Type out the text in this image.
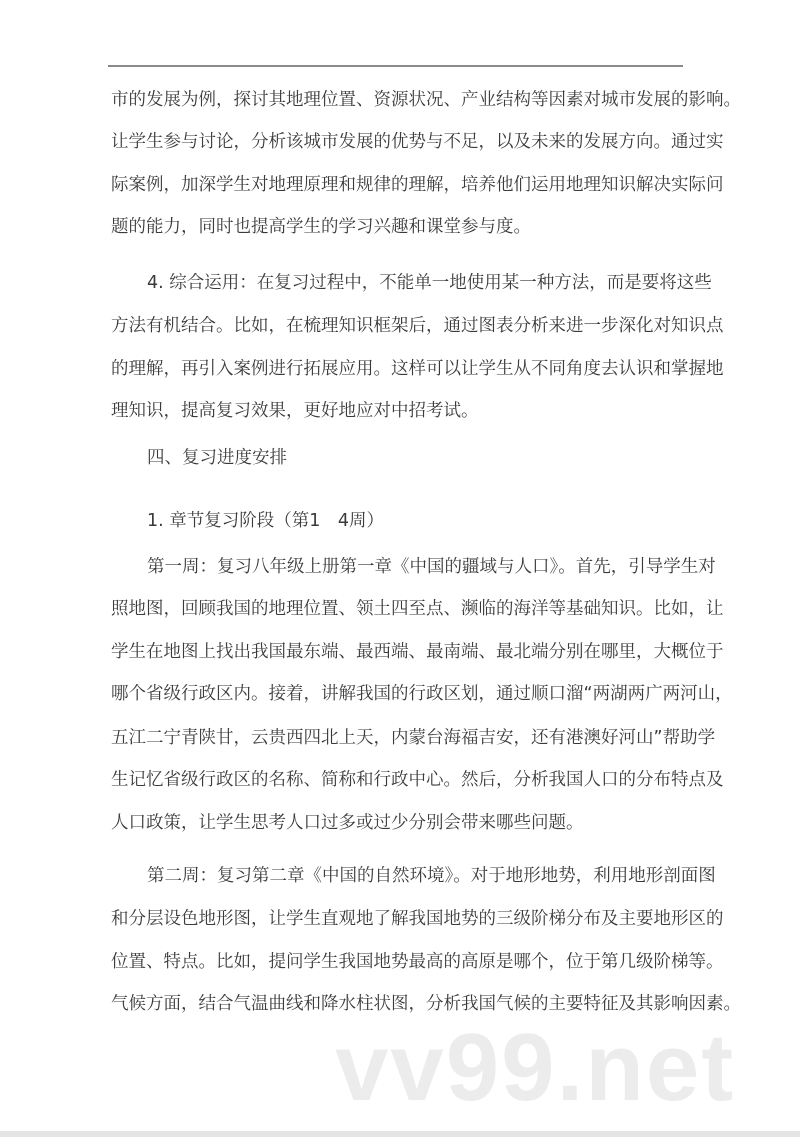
市的发展为例，探讨其地理位置、资源状况、产业结构等因素对城市发展的影响。
让学生参与讨论，分析该城市发展的优势与不足，以及未来的发展方向。通过实
际案例，加深学生对地理原理和规律的理解，培养他们运用地理知识解决实际问
题的能力，同时也提高学生的学习兴趣和课堂参与度。
4. 综合运用：在复习过程中，不能单一地使用某一种方法，而是要将这些
方法有机结合。比如，在梳理知识框架后，通过图表分析来进一步深化对知识点
的理解，再引入案例进行拓展应用。这样可以让学生从不同角度去认识和掌握地
理知识，提高复习效果，更好地应对中招考试。
四、复习进度安排
1. 章节复习阶段（第1　4周）
第一周：复习八年级上册第一章《中国的疆域与人口》。首先，引导学生对
照地图，回顾我国的地理位置、领土四至点、濒临的海洋等基础知识。比如，让
学生在地图上找出我国最东端、最西端、最南端、最北端分别在哪里，大概位于
哪个省级行政区内。接着，讲解我国的行政区划，通过顺口溜“两湖两广两河山，
五江二宁青陕甘，云贵西四北上天，内蒙台海福吉安，还有港澳好河山”帮助学
生记忆省级行政区的名称、简称和行政中心。然后，分析我国人口的分布特点及
人口政策，让学生思考人口过多或过少分别会带来哪些问题。
第二周：复习第二章《中国的自然环境》。对于地形地势，利用地形剖面图
和分层设色地形图，让学生直观地了解我国地势的三级阶梯分布及主要地形区的
位置、特点。比如，提问学生我国地势最高的高原是哪个，位于第几级阶梯等。
气候方面，结合气温曲线和降水柱状图，分析我国气候的主要特征及其影响因素。
vv99.net
